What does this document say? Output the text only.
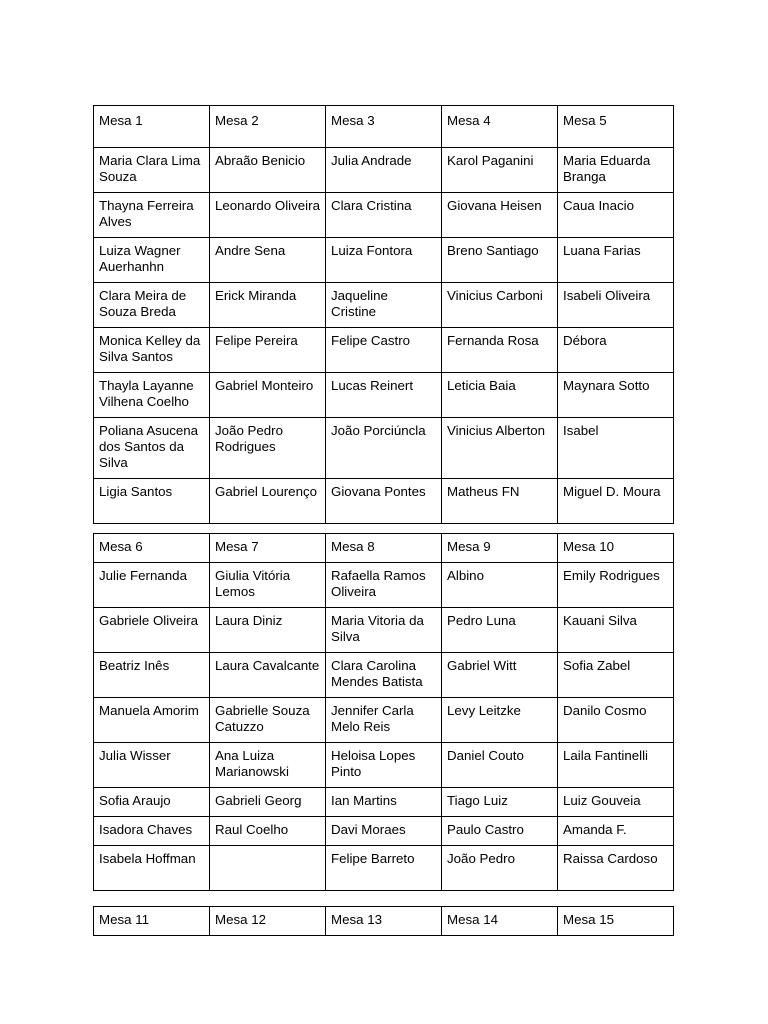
Mesa 1	Mesa 2	Mesa 3	Mesa 4	Mesa 5
Maria Clara Lima Souza	Abraão Benicio	Julia Andrade	Karol Paganini	Maria Eduarda Branga
Thayna Ferreira Alves	Leonardo Oliveira	Clara Cristina	Giovana Heisen	Caua Inacio
Luiza Wagner Auerhanhn	Andre Sena	Luiza Fontora	Breno Santiago	Luana Farias
Clara Meira de Souza Breda	Erick Miranda	Jaqueline Cristine	Vinicius Carboni	Isabeli Oliveira
Monica Kelley da Silva Santos	Felipe Pereira	Felipe Castro	Fernanda Rosa	Débora
Thayla Layanne Vilhena Coelho	Gabriel Monteiro	Lucas Reinert	Leticia Baia	Maynara Sotto
Poliana Asucena dos Santos da Silva	João Pedro Rodrigues	João Porciúncla	Vinicius Alberton	Isabel
Ligia Santos	Gabriel Lourenço	Giovana Pontes	Matheus FN	Miguel D. Moura
Mesa 6	Mesa 7	Mesa 8	Mesa 9	Mesa 10
Julie Fernanda	Giulia Vitória Lemos	Rafaella Ramos Oliveira	Albino	Emily Rodrigues
Gabriele Oliveira	Laura Diniz	Maria Vitoria da Silva	Pedro Luna	Kauani Silva
Beatriz Inês	Laura Cavalcante	Clara Carolina Mendes Batista	Gabriel Witt	Sofia Zabel
Manuela Amorim	Gabrielle Souza Catuzzo	Jennifer Carla Melo Reis	Levy Leitzke	Danilo Cosmo
Julia Wisser	Ana Luiza Marianowski	Heloisa Lopes Pinto	Daniel Couto	Laila Fantinelli
Sofia Araujo	Gabrieli Georg	Ian Martins	Tiago Luiz	Luiz Gouveia
Isadora Chaves	Raul Coelho	Davi Moraes	Paulo Castro	Amanda F.
Isabela Hoffman		Felipe Barreto	João Pedro	Raissa Cardoso
Mesa 11	Mesa 12	Mesa 13	Mesa 14	Mesa 15
